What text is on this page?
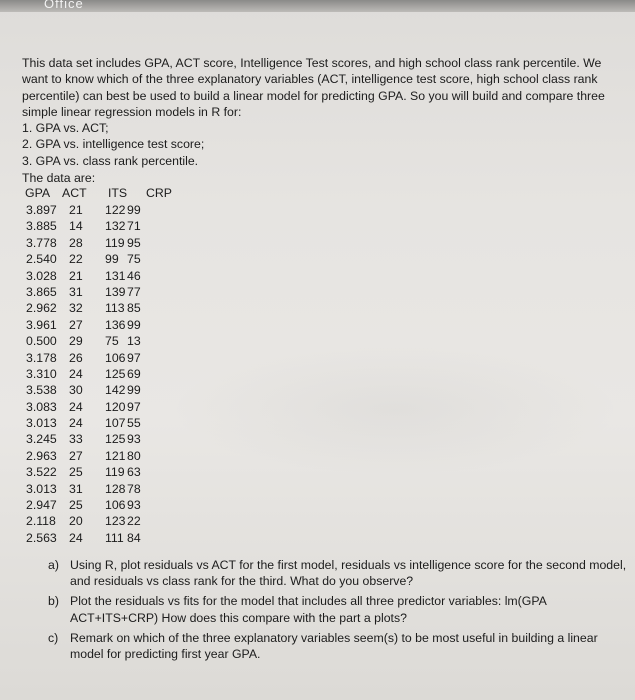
Office

This data set includes GPA, ACT score, Intelligence Test scores, and high school class rank percentile. We want to know which of the three explanatory variables (ACT, intelligence test score, high school class rank percentile) can best be used to build a linear model for predicting GPA. So you will build and compare three simple linear regression models in R for:

1. GPA vs. ACT;
2. GPA vs. intelligence test score;
3. GPA vs. class rank percentile.
The data are:
GPA ACT ITS CRP
3.897 21 122 99
3.885 14 132 71
3.778 28 119 95
2.540 22 99 75
3.028 21 131 46
3.865 31 139 77
2.962 32 113 85
3.961 27 136 99
0.500 29 75 13
3.178 26 106 97
3.310 24 125 69
3.538 30 142 99
3.083 24 120 97
3.013 24 107 55
3.245 33 125 93
2.963 27 121 80
3.522 25 119 63
3.013 31 128 78
2.947 25 106 93
2.118 20 123 22
2.563 24 111 84
a) Using R, plot residuals vs ACT for the first model, residuals vs intelligence score for the second model, and residuals vs class rank for the third. What do you observe?
b) Plot the residuals vs fits for the model that includes all three predictor variables: lm(GPA ACT+ITS+CRP) How does this compare with the part a plots?
c) Remark on which of the three explanatory variables seem(s) to be most useful in building a linear model for predicting first year GPA.
